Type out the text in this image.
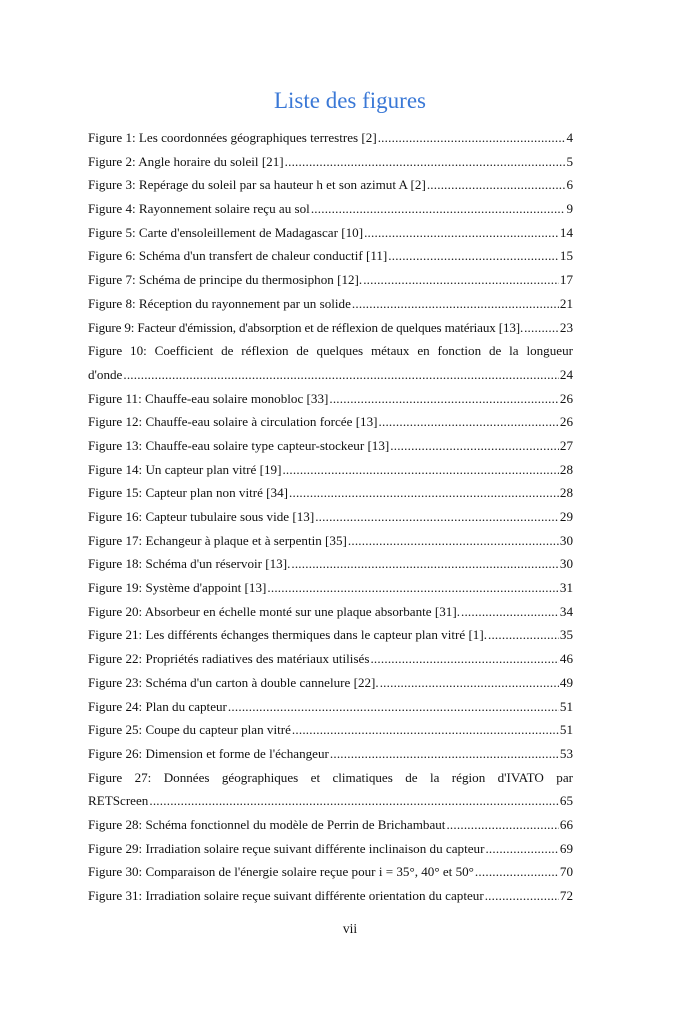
Liste des figures
Figure 1: Les coordonnées géographiques terrestres [2] .....	4
Figure 2: Angle horaire du soleil [21] .....	5
Figure 3: Repérage du soleil par sa hauteur h et son azimut A [2] .....	6
Figure 4: Rayonnement solaire reçu au sol .....	9
Figure 5: Carte d'ensoleillement de Madagascar [10] .....	14
Figure 6: Schéma d'un transfert de chaleur conductif [11] .....	15
Figure 7: Schéma de principe du thermosiphon [12]. .....	17
Figure 8: Réception du rayonnement par un solide .....	21
Figure 9: Facteur d'émission, d'absorption et de réflexion de quelques matériaux [13]. .....	23
Figure 10: Coefficient de réflexion de quelques métaux en fonction de la longueur
d'onde .....	24
Figure 11: Chauffe-eau solaire monobloc [33] .....	26
Figure 12: Chauffe-eau solaire à circulation forcée [13] .....	26
Figure 13: Chauffe-eau solaire type capteur-stockeur [13] .....	27
Figure 14: Un capteur plan vitré [19] .....	28
Figure 15: Capteur plan non vitré [34] .....	28
Figure 16: Capteur tubulaire sous vide [13] .....	29
Figure 17: Echangeur à plaque et à serpentin [35] .....	30
Figure 18: Schéma d'un réservoir [13]. .....	30
Figure 19: Système d'appoint [13] .....	31
Figure 20: Absorbeur en échelle monté sur une plaque absorbante [31]. .....	34
Figure 21: Les différents échanges thermiques dans le capteur plan vitré [1]. .....	35
Figure 22: Propriétés radiatives des matériaux utilisés .....	46
Figure 23: Schéma d'un carton à double cannelure [22]. .....	49
Figure 24: Plan du capteur .....	51
Figure 25: Coupe du capteur plan vitré .....	51
Figure 26: Dimension et forme de l'échangeur .....	53
Figure 27: Données géographiques et climatiques de la région d'IVATO par
RETScreen .....	65
Figure 28: Schéma fonctionnel du modèle de Perrin de Brichambaut .....	66
Figure 29: Irradiation solaire reçue suivant différente inclinaison du capteur .....	69
Figure 30: Comparaison de l'énergie solaire reçue pour i = 35°, 40° et 50° .....	70
Figure 31: Irradiation solaire reçue suivant différente orientation du capteur .....	72
vii
